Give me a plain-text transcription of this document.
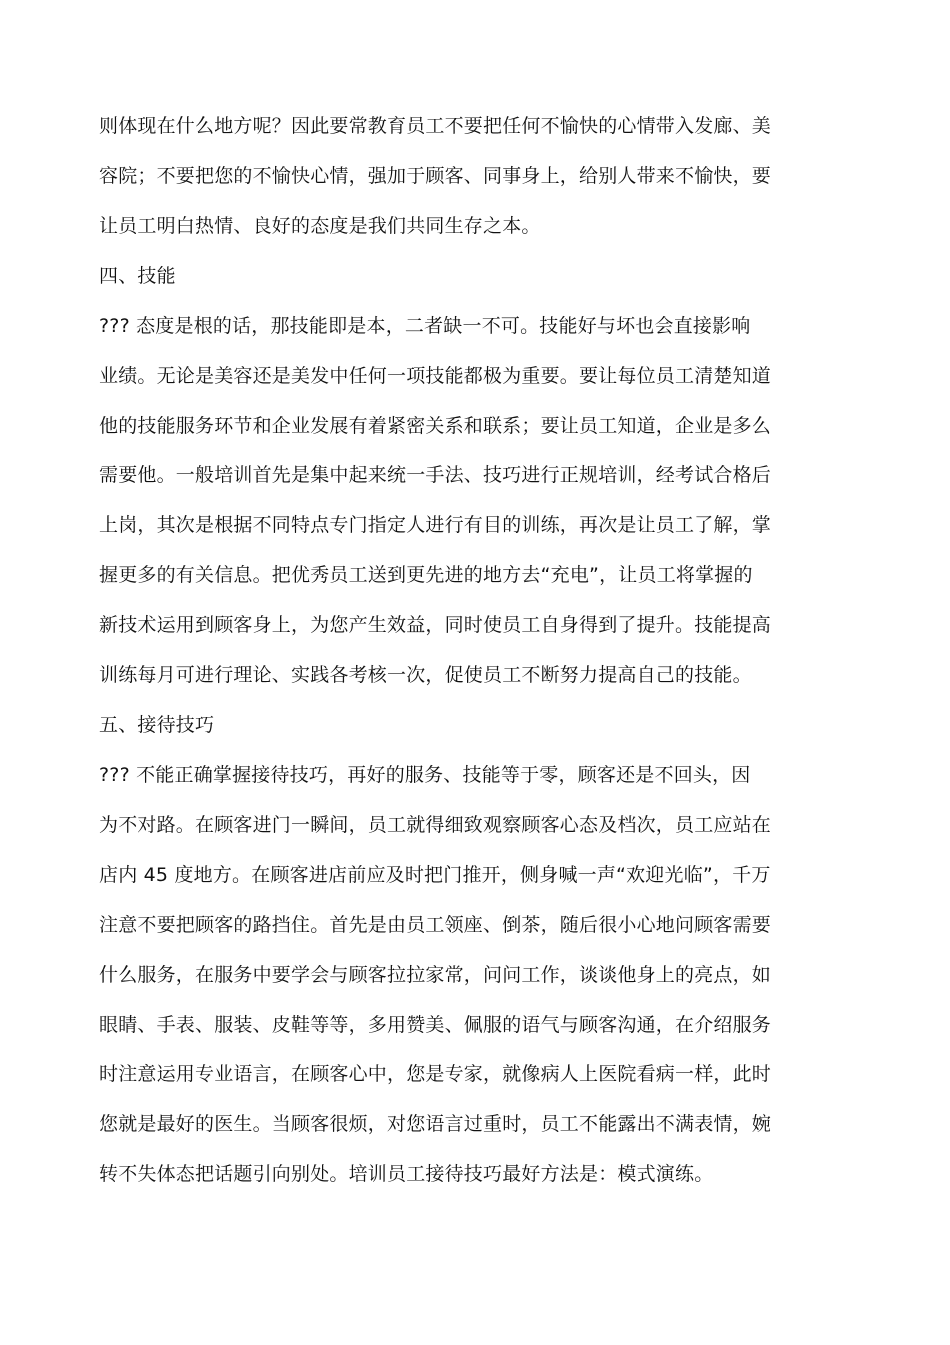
则体现在什么地方呢？因此要常教育员工不要把任何不愉快的心情带入发廊、美
容院；不要把您的不愉快心情，强加于顾客、同事身上，给别人带来不愉快，要
让员工明白热情、良好的态度是我们共同生存之本。
四、技能
??? 态度是根的话，那技能即是本，二者缺一不可。技能好与坏也会直接影响
业绩。无论是美容还是美发中任何一项技能都极为重要。要让每位员工清楚知道
他的技能服务环节和企业发展有着紧密关系和联系；要让员工知道，企业是多么
需要他。一般培训首先是集中起来统一手法、技巧进行正规培训，经考试合格后
上岗，其次是根据不同特点专门指定人进行有目的训练，再次是让员工了解，掌
握更多的有关信息。把优秀员工送到更先进的地方去“充电”，让员工将掌握的
新技术运用到顾客身上，为您产生效益，同时使员工自身得到了提升。技能提高
训练每月可进行理论、实践各考核一次，促使员工不断努力提高自己的技能。
五、接待技巧
??? 不能正确掌握接待技巧，再好的服务、技能等于零，顾客还是不回头，因
为不对路。在顾客进门一瞬间，员工就得细致观察顾客心态及档次，员工应站在
店内 45 度地方。在顾客进店前应及时把门推开，侧身喊一声“欢迎光临”，千万
注意不要把顾客的路挡住。首先是由员工领座、倒茶，随后很小心地问顾客需要
什么服务，在服务中要学会与顾客拉拉家常，问问工作，谈谈他身上的亮点，如
眼睛、手表、服装、皮鞋等等，多用赞美、佩服的语气与顾客沟通，在介绍服务
时注意运用专业语言，在顾客心中，您是专家，就像病人上医院看病一样，此时
您就是最好的医生。当顾客很烦，对您语言过重时，员工不能露出不满表情，婉
转不失体态把话题引向别处。培训员工接待技巧最好方法是：模式演练。
